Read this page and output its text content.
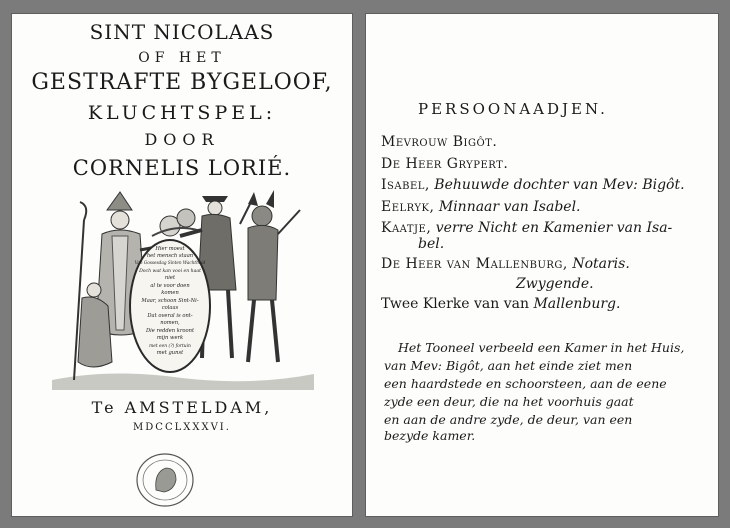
SINT NICOLAAS
OF HET
GESTRAFTE BYGELOOF,
KLUCHTSPEL:
DOOR
CORNELIS LORIÉ.
Hier moest
het mensch staan
Van Gossesdag Sinten Wachtheid
Doch wat kan vooi en haat
niet
al te voor doen
komen
Maar, schoon Sint-Ni-
colaas
Dat overal is ont-
nomen,
Die redden kroont
mijn werk
met een (?) fortuin
met gunst
Te AMSTELDAM,
MDCCLXXXVI.
PERSOONAADJEN.
Mevrouw Bigôt.
De Heer Grypert.
Isabel, Behuuwde dochter van Mev: Bigôt.
Eelryk, Minnaar van Isabel.
Kaatje, verre Nicht en Kamenier van Isa-
bel.
De Heer van Mallenburg, Notaris.
Zwygende.
Twee Klerke van van Mallenburg.
Het Tooneel verbeeld een Kamer in het Huis,
van Mev: Bigôt, aan het einde ziet men
een haardstede en schoorsteen, aan de eene
zyde een deur, die na het voorhuis gaat
en aan de andre zyde, de deur, van een
bezyde kamer.
